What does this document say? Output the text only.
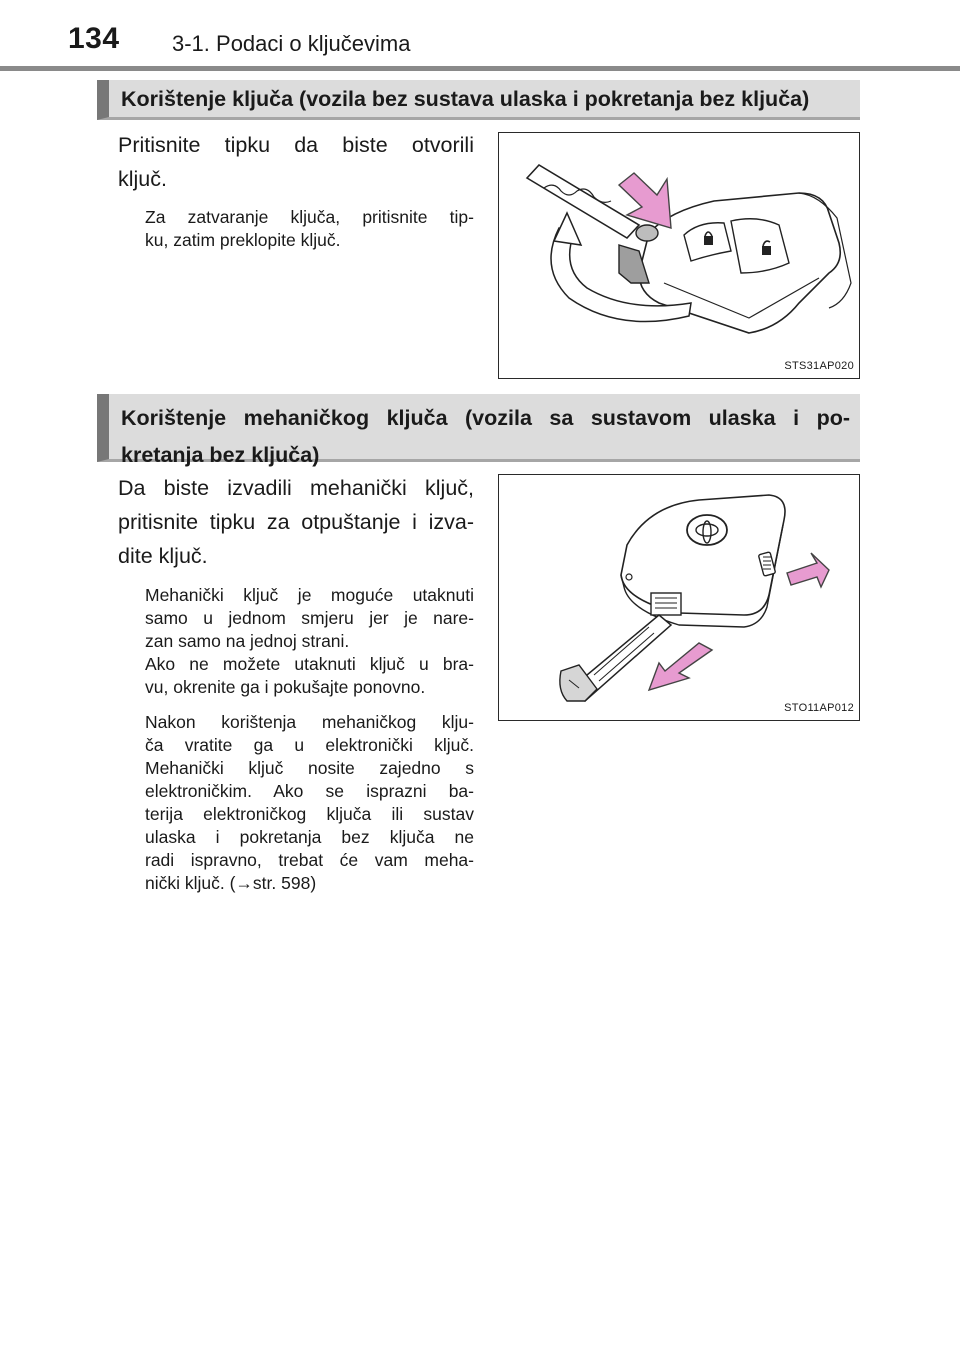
134 3-1. Podaci o ključevima
Korištenje ključa (vozila bez sustava ulaska i pokretanja bez ključa)
Pritisnite tipku da biste otvorili
ključ.
Za zatvaranje ključa, pritisnite tip-
ku, zatim preklopite ključ.
STS31AP020
Korištenje mehaničkog ključa (vozila sa sustavom ulaska i po-
kretanja bez ključa)
Da biste izvadili mehanički ključ,
pritisnite tipku za otpuštanje i izva-
dite ključ.
Mehanički ključ je moguće utaknuti
samo u jednom smjeru jer je nare-
zan samo na jednoj strani.
Ako ne možete utaknuti ključ u bra-
vu, okrenite ga i pokušajte ponovno.
Nakon korištenja mehaničkog klju-
ča vratite ga u elektronički ključ.
Mehanički ključ nosite zajedno s
elektroničkim. Ako se isprazni ba-
terija elektroničkog ključa ili sustav
ulaska i pokretanja bez ključa ne
radi ispravno, trebat će vam meha-
nički ključ. (→str. 598)
STO11AP012
